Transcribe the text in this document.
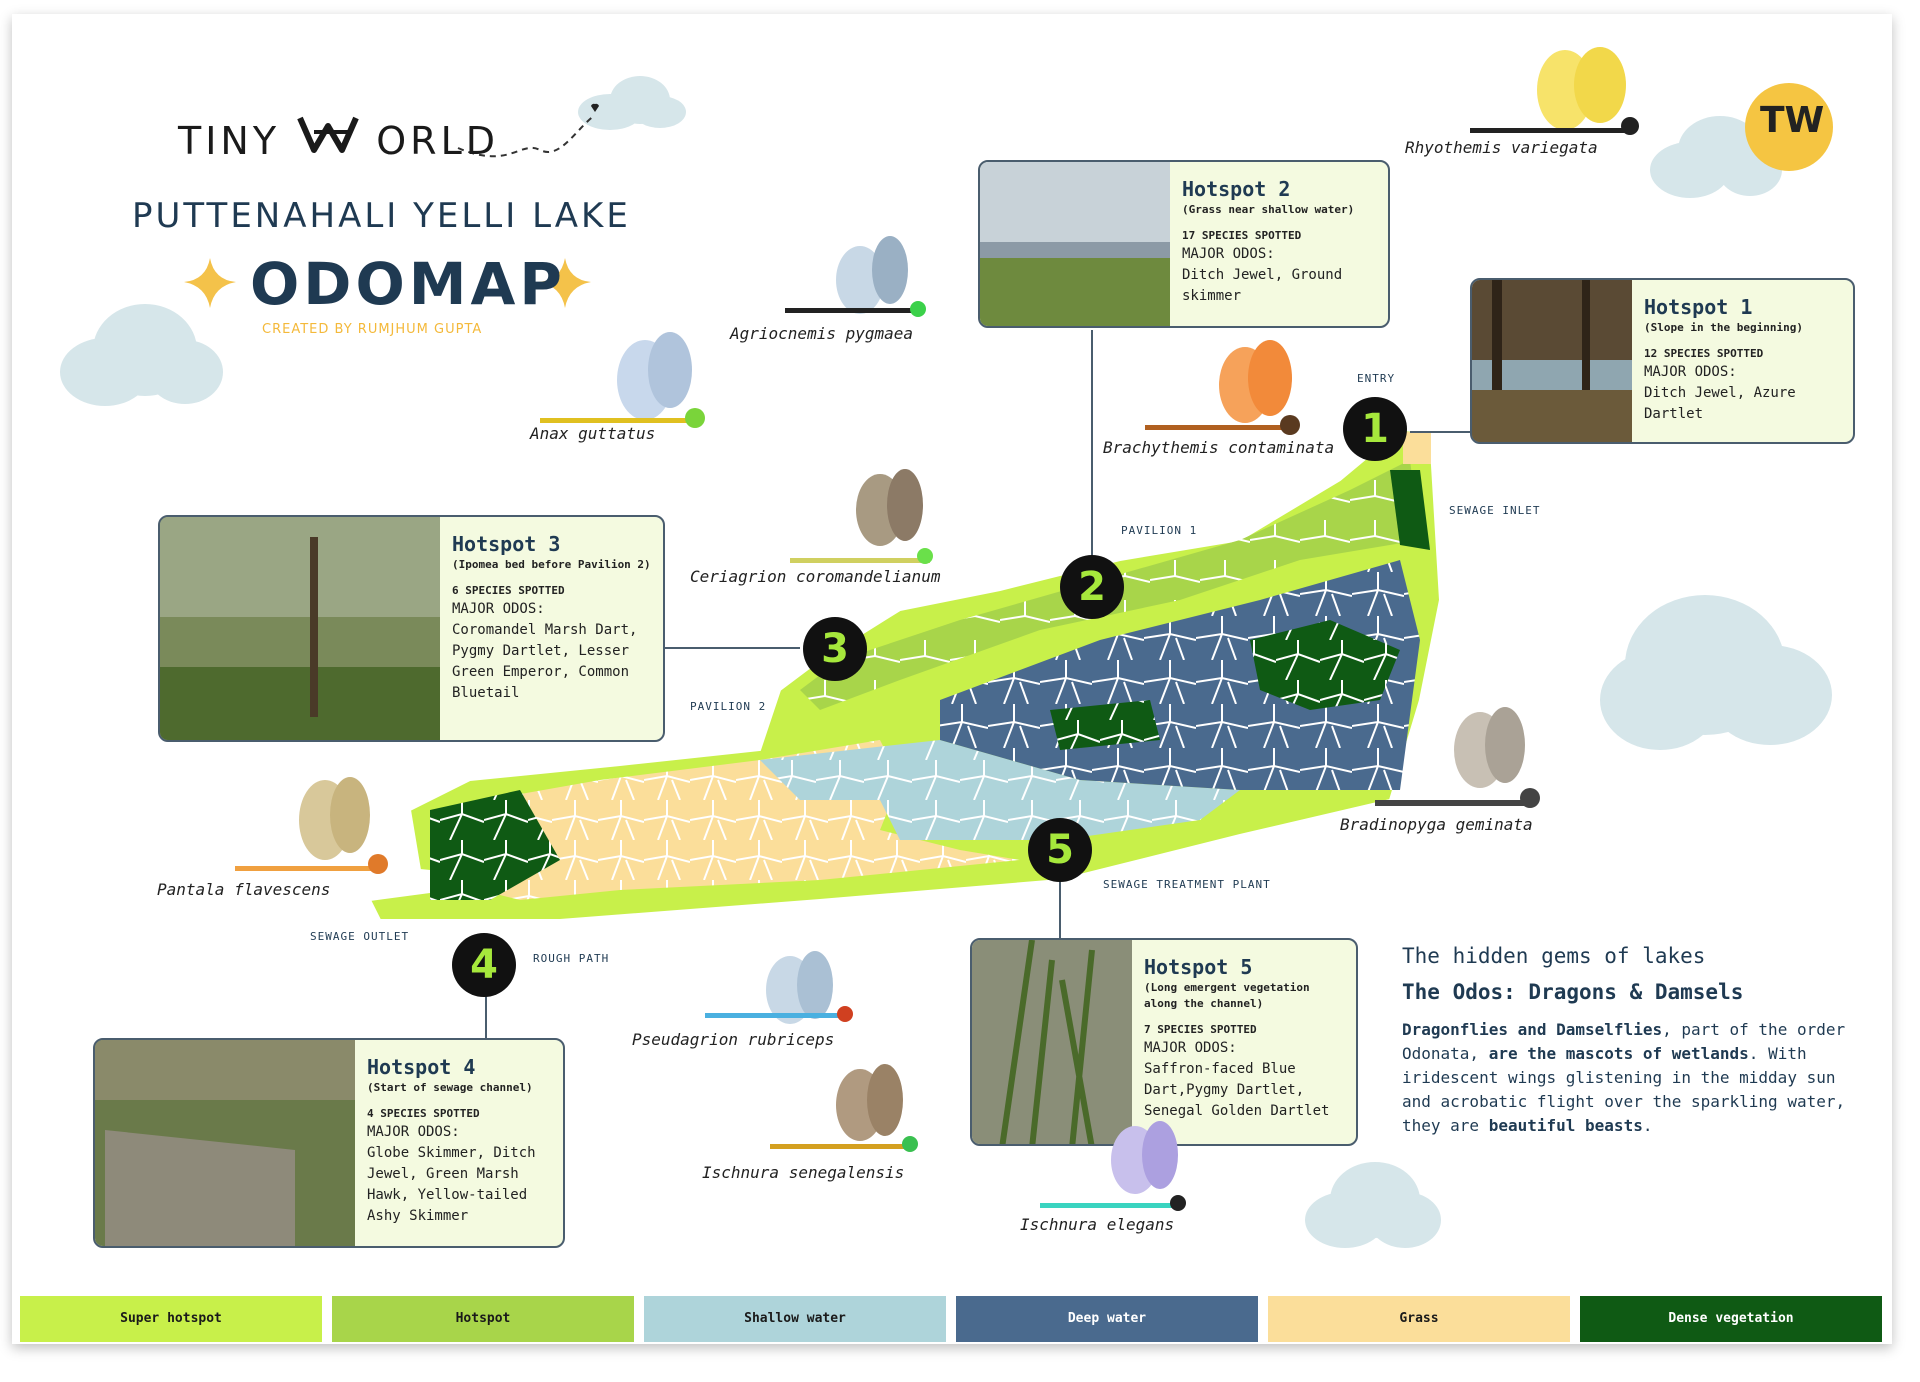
TINY	ORLD
PUTTENAHALI YELLI LAKE
ODOMAP
CREATED BY RUMJHUM GUPTA
TW
1
2
3
4
5
ENTRY
SEWAGE INLET
PAVILION 1
PAVILION 2
SEWAGE OUTLET
ROUGH PATH
SEWAGE TREATMENT PLANT
Hotspot 1
(Slope in the beginning)
12 SPECIES SPOTTED
MAJOR ODOS:
Ditch Jewel, Azure Dartlet
Hotspot 2
(Grass near shallow water)
17 SPECIES SPOTTED
MAJOR ODOS:
Ditch Jewel, Ground skimmer
Hotspot 3
(Ipomea bed before Pavilion 2)
6 SPECIES SPOTTED
MAJOR ODOS:
Coromandel Marsh Dart, Pygmy Dartlet, Lesser Green Emperor, Common Bluetail
Hotspot 4
(Start of sewage channel)
4 SPECIES SPOTTED
MAJOR ODOS:
Globe Skimmer, Ditch Jewel, Green Marsh Hawk, Yellow-tailed Ashy Skimmer
Hotspot 5
(Long emergent vegetation along the channel)
7 SPECIES SPOTTED
MAJOR ODOS:
Saffron-faced Blue Dart,Pygmy Dartlet, Senegal Golden Dartlet
Rhyothemis variegata
Agriocnemis pygmaea
Anax guttatus
Brachythemis contaminata
Ceriagrion coromandelianum
Bradinopyga geminata
Pantala flavescens
Pseudagrion rubriceps
Ischnura senegalensis
Ischnura elegans
The hidden gems of lakes
The Odos: Dragons & Damsels
Dragonflies and Damselflies, part of the order Odonata, are the mascots of wetlands. With iridescent wings glistening in the midday sun and acrobatic flight over the sparkling water, they are beautiful beasts.
Super hotspot	Hotspot	Shallow water	Deep water	Grass	Dense vegetation
